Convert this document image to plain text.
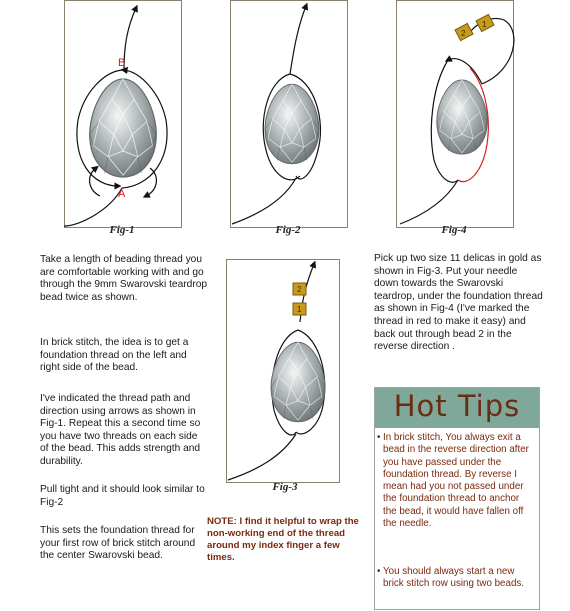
B
A
Fig-1	Fig-2
2
1
Fig-4
2
1
Fig-3

Take a length of beading thread you are comfortable working with and go through the 9mm Swarovski teardrop bead twice as shown.

In brick stitch, the idea is to get a foundation thread on the left and right side of the bead.

I've indicated the thread path and direction using arrows as shown in Fig-1. Repeat this a second time so you have two threads on each side of the bead. This adds strength and durability.

Pull tight and it should look similar to Fig-2

This sets the foundation thread for your first row of brick stitch around the center Swarovski bead.

Pick up two size 11 delicas in gold as shown in Fig-3. Put your needle down towards the Swarovski teardrop, under the foundation thread as shown in Fig-4 (I've marked the thread in red to make it easy) and back out through bead 2 in the reverse direction .

NOTE: I find it helpful to wrap the non-working end of the thread around my index finger a few times.
Hot Tips
• In brick stitch, You always exit a bead in the reverse direction after you have passed under the foundation thread. By reverse I mean had you not passed under the foundation thread to anchor the bead, it would have fallen off the needle.
• You should always start a new brick stitch row using two beads.
